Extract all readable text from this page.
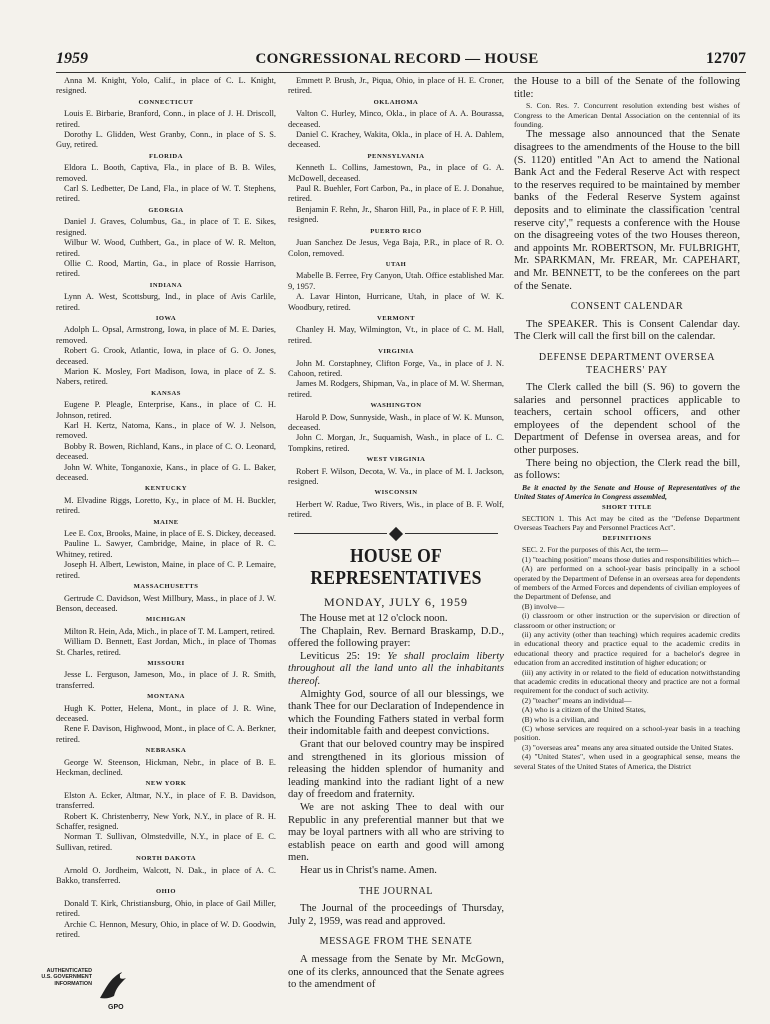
1959	CONGRESSIONAL RECORD — HOUSE	12707

Anna M. Knight, Yolo, Calif., in place of C. L. Knight, resigned.

CONNECTICUT

Louis E. Birbarie, Branford, Conn., in place of J. H. Driscoll, retired.

Dorothy L. Glidden, West Granby, Conn., in place of S. S. Guy, retired.

FLORIDA

Eldora L. Booth, Captiva, Fla., in place of B. B. Wiles, removed.

Carl S. Ledbetter, De Land, Fla., in place of W. T. Stephens, retired.

GEORGIA

Daniel J. Graves, Columbus, Ga., in place of T. E. Sikes, resigned.

Wilbur W. Wood, Cuthbert, Ga., in place of W. R. Melton, retired.

Ollie C. Rood, Martin, Ga., in place of Rossie Harrison, retired.

INDIANA

Lynn A. West, Scottsburg, Ind., in place of Avis Carlile, retired.

IOWA

Adolph L. Opsal, Armstrong, Iowa, in place of M. E. Daries, removed.

Robert G. Crook, Atlantic, Iowa, in place of G. O. Jones, deceased.

Marion K. Mosley, Fort Madison, Iowa, in place of Z. S. Nabers, retired.

KANSAS

Eugene P. Pleagle, Enterprise, Kans., in place of C. H. Johnson, retired.

Karl H. Kertz, Natoma, Kans., in place of W. J. Nelson, removed.

Bobby R. Bowen, Richland, Kans., in place of C. O. Leonard, deceased.

John W. White, Tonganoxie, Kans., in place of G. L. Baker, deceased.

KENTUCKY

M. Elvadine Riggs, Loretto, Ky., in place of M. H. Buckler, retired.

MAINE

Lee E. Cox, Brooks, Maine, in place of E. S. Dickey, deceased.

Pauline L. Sawyer, Cambridge, Maine, in place of R. C. Whitney, retired.

Joseph H. Albert, Lewiston, Maine, in place of C. P. Lemaire, retired.

MASSACHUSETTS

Gertrude C. Davidson, West Millbury, Mass., in place of J. W. Benson, deceased.

MICHIGAN

Milton R. Hein, Ada, Mich., in place of T. M. Lampert, retired.

William D. Bennett, East Jordan, Mich., in place of Thomas St. Charles, retired.

MISSOURI

Jesse L. Ferguson, Jameson, Mo., in place of J. R. Smith, transferred.

MONTANA

Hugh K. Potter, Helena, Mont., in place of J. R. Wine, deceased.

Rene F. Davison, Highwood, Mont., in place of C. A. Berkner, retired.

NEBRASKA

George W. Steenson, Hickman, Nebr., in place of B. E. Heckman, declined.

NEW YORK

Elston A. Ecker, Altmar, N.Y., in place of F. B. Davidson, transferred.

Robert K. Christenberry, New York, N.Y., in place of R. H. Schaffer, resigned.

Norman T. Sullivan, Olmstedville, N.Y., in place of E. C. Sullivan, retired.

NORTH DAKOTA

Arnold O. Jordheim, Walcott, N. Dak., in place of A. C. Bakko, transferred.

OHIO

Donald T. Kirk, Christiansburg, Ohio, in place of Gail Miller, retired.

Archie C. Hennon, Mesury, Ohio, in place of W. D. Goodwin, retired.

Emmett P. Brush, Jr., Piqua, Ohio, in place of H. E. Croner, retired.

OKLAHOMA

Valton C. Hurley, Minco, Okla., in place of A. A. Bourassa, deceased.

Daniel C. Krachey, Wakita, Okla., in place of H. A. Dahlem, deceased.

PENNSYLVANIA

Kenneth L. Collins, Jamestown, Pa., in place of G. A. McDowell, deceased.

Paul R. Buehler, Fort Carbon, Pa., in place of E. J. Donahue, retired.

Benjamin F. Rehn, Jr., Sharon Hill, Pa., in place of F. P. Hill, resigned.

PUERTO RICO

Juan Sanchez De Jesus, Vega Baja, P.R., in place of R. O. Colon, removed.

UTAH

Mabelle B. Ferree, Fry Canyon, Utah. Office established Mar. 9, 1957.

A. Lavar Hinton, Hurricane, Utah, in place of W. K. Woodbury, retired.

VERMONT

Chanley H. May, Wilmington, Vt., in place of C. M. Hall, retired.

VIRGINIA

John M. Corstaphney, Clifton Forge, Va., in place of J. N. Cahoon, retired.

James M. Rodgers, Shipman, Va., in place of M. W. Sherman, retired.

WASHINGTON

Harold P. Dow, Sunnyside, Wash., in place of W. K. Munson, deceased.

John C. Morgan, Jr., Suquamish, Wash., in place of L. C. Tompkins, retired.

WEST VIRGINIA

Robert F. Wilson, Decota, W. Va., in place of M. I. Jackson, resigned.

WISCONSIN

Herbert W. Radue, Two Rivers, Wis., in place of B. F. Wolf, retired.

HOUSE OF REPRESENTATIVES
MONDAY, JULY 6, 1959

The House met at 12 o'clock noon.

The Chaplain, Rev. Bernard Braskamp, D.D., offered the following prayer:

Leviticus 25: 19: Ye shall proclaim liberty throughout all the land unto all the inhabitants thereof.

Almighty God, source of all our blessings, we thank Thee for our Declaration of Independence in which the Founding Fathers stated in verbal form their indomitable faith and deepest convictions.

Grant that our beloved country may be inspired and strengthened in its glorious mission of releasing the hidden splendor of humanity and leading mankind into the radiant light of a new day of freedom and fraternity.

We are not asking Thee to deal with our Republic in any preferential manner but that we may be loyal partners with all who are striving to establish peace on earth and good will among men.

Hear us in Christ's name. Amen.

THE JOURNAL

The Journal of the proceedings of Thursday, July 2, 1959, was read and approved.

MESSAGE FROM THE SENATE

A message from the Senate by Mr. McGown, one of its clerks, announced that the Senate agrees to the amendment of

the House to a bill of the Senate of the following title:

S. Con. Res. 7. Concurrent resolution extending best wishes of Congress to the American Dental Association on the centennial of its founding.

The message also announced that the Senate disagrees to the amendments of the House to the bill (S. 1120) entitled "An Act to amend the National Bank Act and the Federal Reserve Act with respect to the reserves required to be maintained by member banks of the Federal Reserve System against deposits and to eliminate the classification 'central reserve city'," requests a conference with the House on the disagreeing votes of the two Houses thereon, and appoints Mr. ROBERTSON, Mr. FULBRIGHT, Mr. SPARKMAN, Mr. FREAR, Mr. CAPEHART, and Mr. BENNETT, to be the conferees on the part of the Senate.

CONSENT CALENDAR

The SPEAKER. This is Consent Calendar day. The Clerk will call the first bill on the calendar.

DEFENSE DEPARTMENT OVERSEA
TEACHERS' PAY

The Clerk called the bill (S. 96) to govern the salaries and personnel practices applicable to teachers, certain school officers, and other employees of the dependent school of the Department of Defense in oversea areas, and for other purposes.

There being no objection, the Clerk read the bill, as follows:

Be it enacted by the Senate and House of Representatives of the United States of America in Congress assembled,

SHORT TITLE

SECTION 1. This Act may be cited as the "Defense Department Overseas Teachers Pay and Personnel Practices Act".

DEFINITIONS

SEC. 2. For the purposes of this Act, the term—

(1) "teaching position" means those duties and responsibilities which—

(A) are performed on a school-year basis principally in a school operated by the Department of Defense in an overseas area for dependents of members of the Armed Forces and dependents of civilian employees of the Department of Defense, and

(B) involve—

(i) classroom or other instruction or the supervision or direction of classroom or other instruction; or

(ii) any activity (other than teaching) which requires academic credits in educational theory and practice equal to the academic credits in educational theory and practice required for a bachelor's degree in education from an accredited institution of higher education; or

(iii) any activity in or related to the field of education notwithstanding that academic credits in educational theory and practice are not a formal requirement for the conduct of such activity.

(2) "teacher" means an individual—

(A) who is a citizen of the United States,

(B) who is a civilian, and

(C) whose services are required on a school-year basis in a teaching position.

(3) "overseas area" means any area situated outside the United States.

(4) "United States", when used in a geographical sense, means the several States of the United States of America, the District

AUTHENTICATED
U.S. GOVERNMENT
INFORMATION
GPO
